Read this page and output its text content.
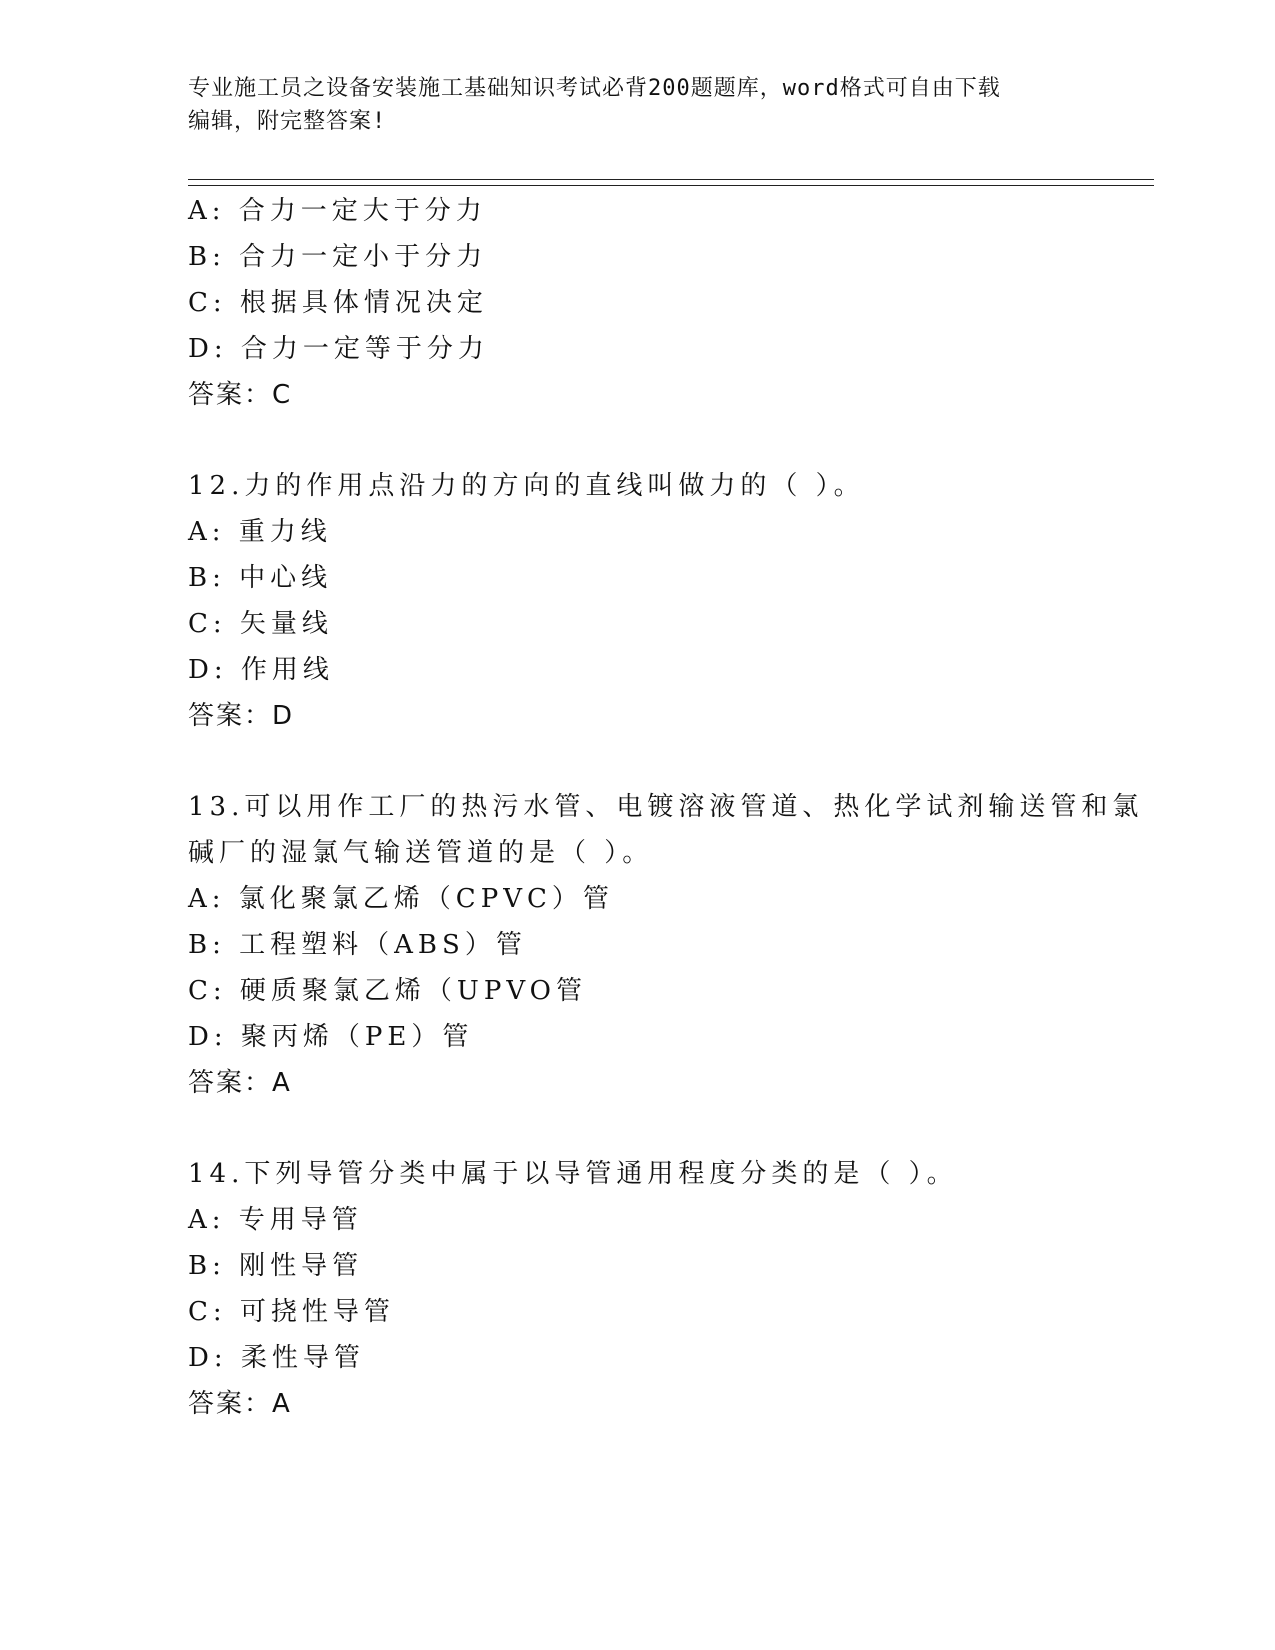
专业施工员之设备安装施工基础知识考试必背200题题库，word格式可自由下载
编辑，附完整答案!
A: 合力一定大于分力
B: 合力一定小于分力
C: 根据具体情况决定
D: 合力一定等于分力
答案：C
12.力的作用点沿力的方向的直线叫做力的（ ）。
A: 重力线
B: 中心线
C: 矢量线
D: 作用线
答案：D
13.可以用作工厂的热污水管、电镀溶液管道、热化学试剂输送管和氯
碱厂的湿氯气输送管道的是（ ）。
A: 氯化聚氯乙烯（CPVC）管
B: 工程塑料（ABS）管
C: 硬质聚氯乙烯（UPVO管
D: 聚丙烯（PE）管
答案：A
14.下列导管分类中属于以导管通用程度分类的是（ ）。
A: 专用导管
B: 刚性导管
C: 可挠性导管
D: 柔性导管
答案：A
